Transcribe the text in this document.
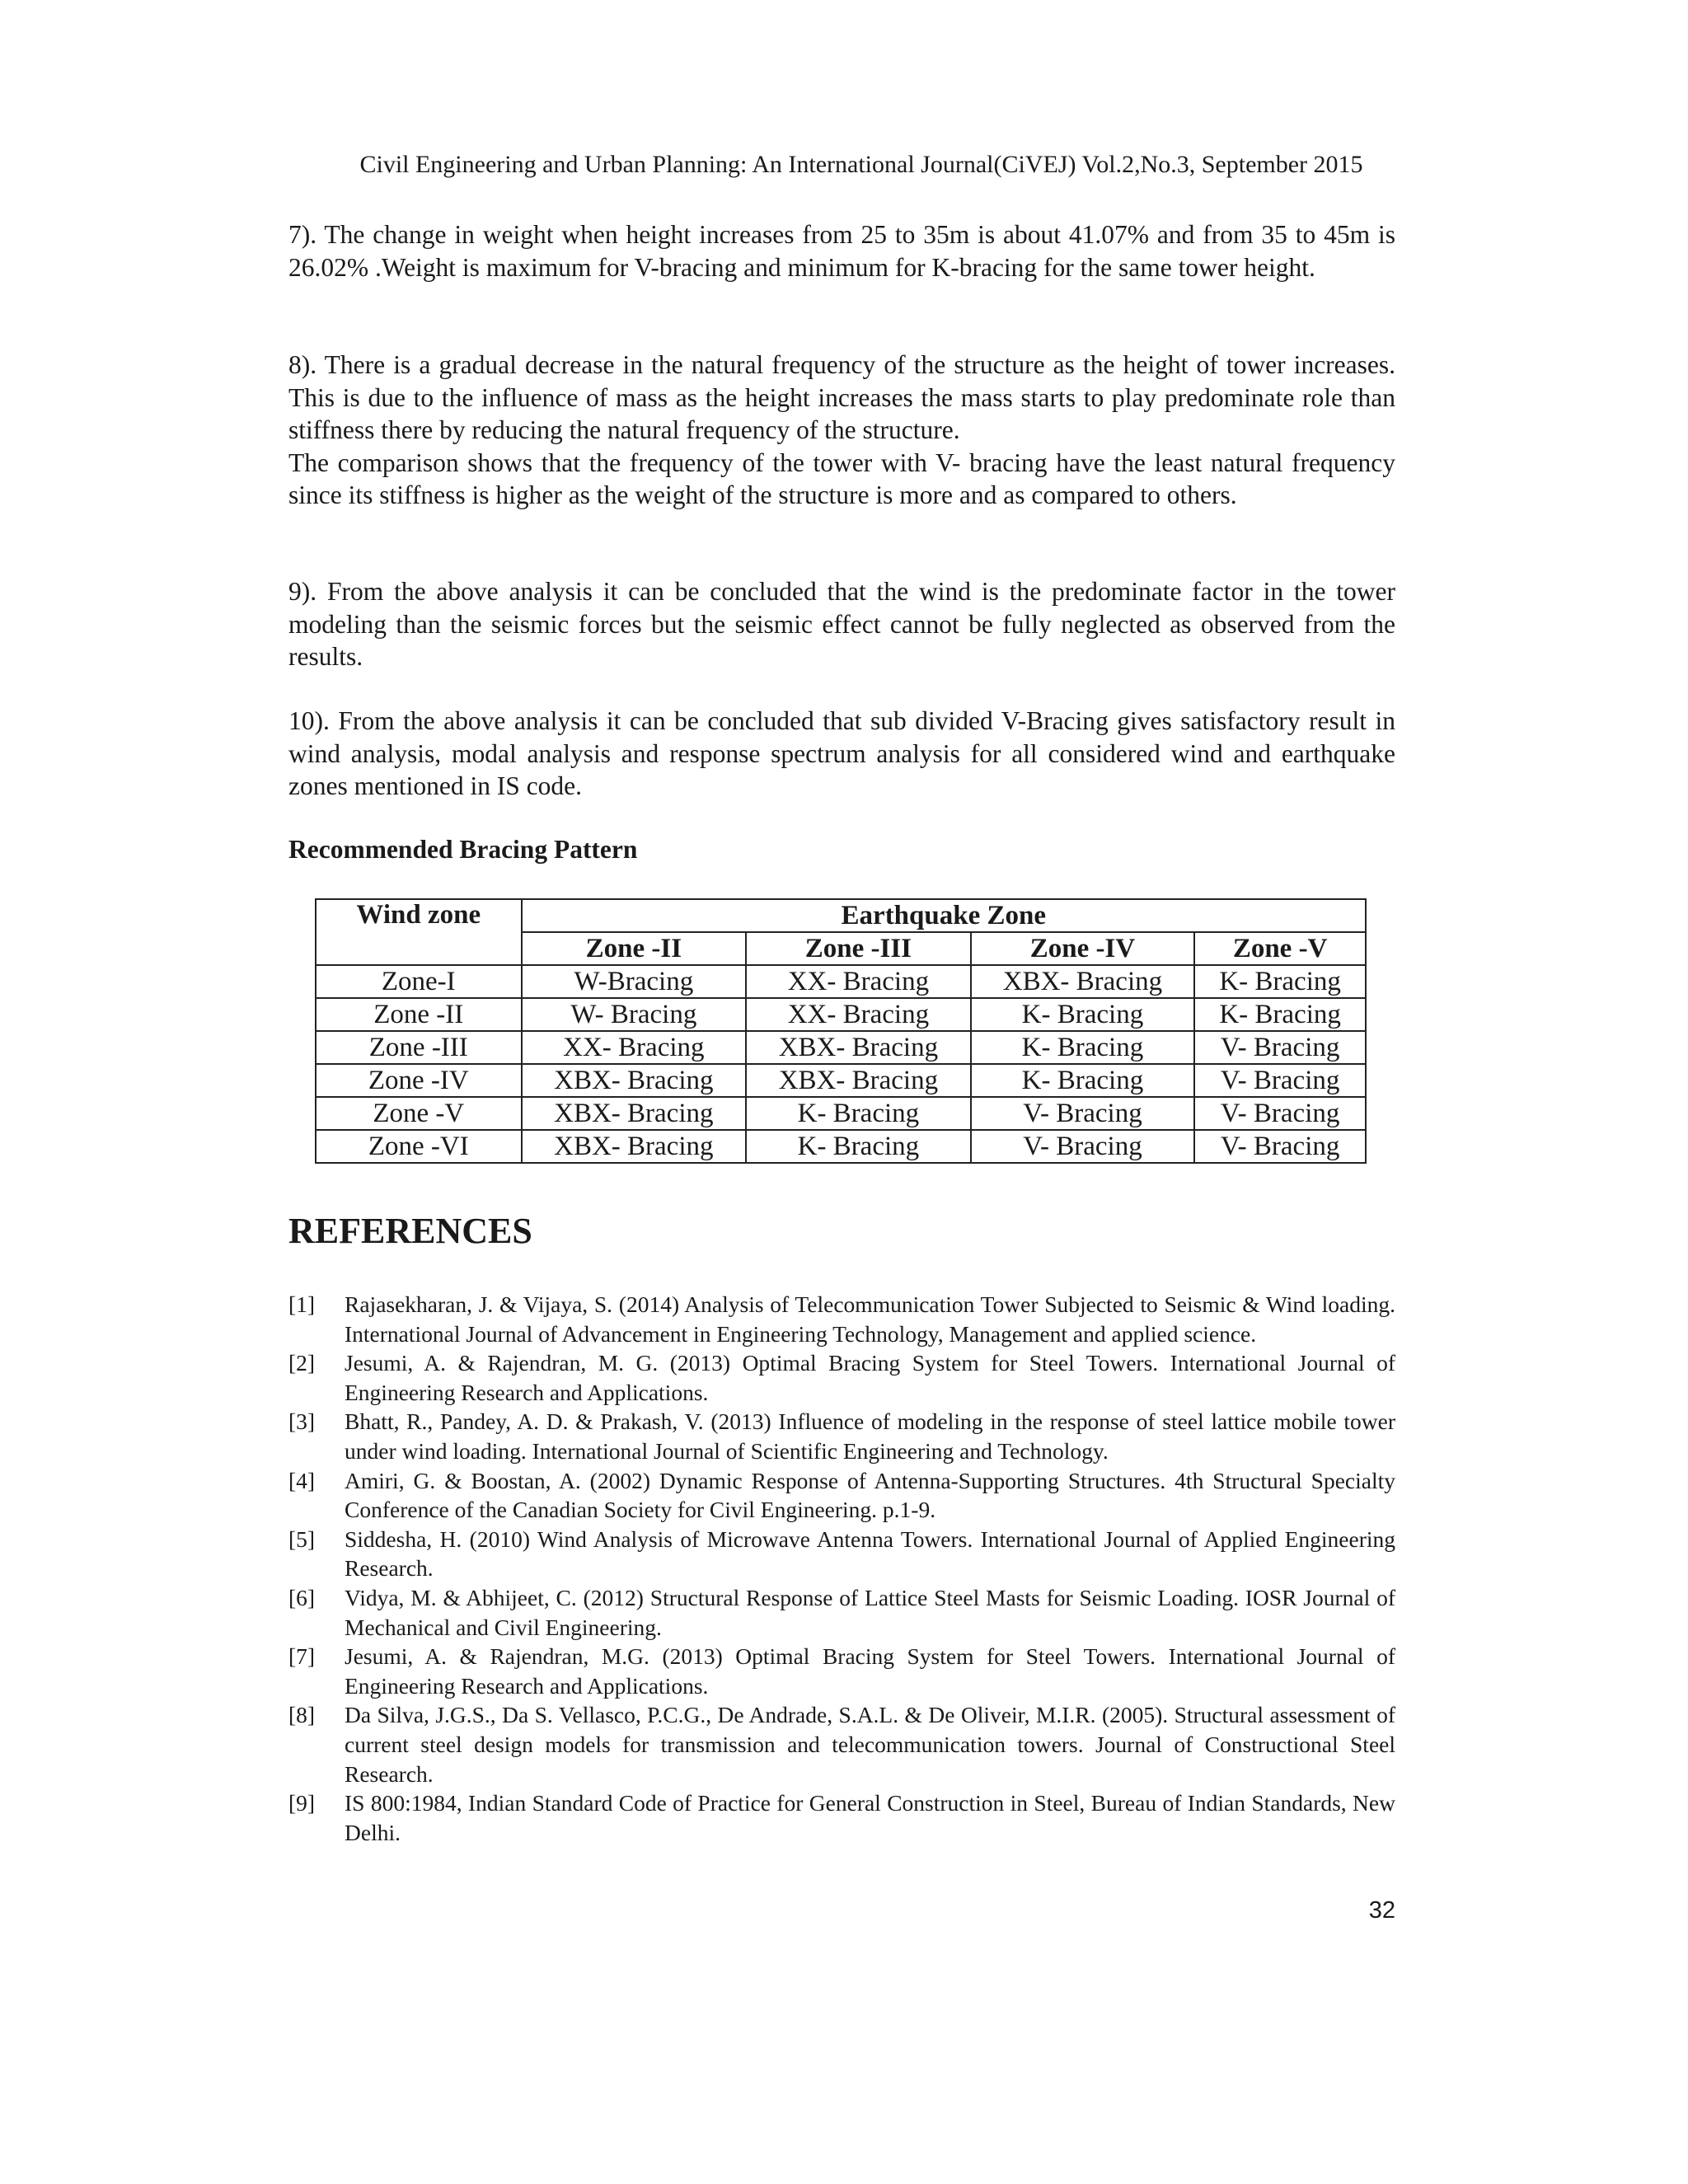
Civil Engineering and Urban Planning: An International Journal(CiVEJ) Vol.2,No.3, September 2015

7). The change in weight when height increases from 25 to 35m is about 41.07% and from 35 to 45m is 26.02% .Weight is maximum for V-bracing and minimum for K-bracing for the same tower height.

8). There is a gradual decrease in the natural frequency of the structure as the height of tower increases. This is due to the influence of mass as the height increases the mass starts to play predominate role than stiffness there by reducing the natural frequency of the structure.

The comparison shows that the frequency of the tower with V- bracing have the least natural frequency since its stiffness is higher as the weight of the structure is more and as compared to others.

9). From the above analysis it can be concluded that the wind is the predominate factor in the tower modeling than the seismic forces but the seismic effect cannot be fully neglected as observed from the results.

10). From the above analysis it can be concluded that sub divided V-Bracing gives satisfactory result in wind analysis, modal analysis and response spectrum analysis for all considered wind and earthquake zones mentioned in IS code.

Recommended Bracing Pattern
Wind zone	Earthquake Zone			
	Zone -II	Zone -III	Zone -IV	Zone -V
Zone-I	W-Bracing	XX- Bracing	XBX- Bracing	K- Bracing
Zone -II	W- Bracing	XX- Bracing	K- Bracing	K- Bracing
Zone -III	XX- Bracing	XBX- Bracing	K- Bracing	V- Bracing
Zone -IV	XBX- Bracing	XBX- Bracing	K- Bracing	V- Bracing
Zone -V	XBX- Bracing	K- Bracing	V- Bracing	V- Bracing
Zone -VI	XBX- Bracing	K- Bracing	V- Bracing	V- Bracing
REFERENCES
[1] Rajasekharan, J. & Vijaya, S. (2014) Analysis of Telecommunication Tower Subjected to Seismic & Wind loading. International Journal of Advancement in Engineering Technology, Management and applied science.
[2] Jesumi, A. & Rajendran, M. G. (2013) Optimal Bracing System for Steel Towers. International Journal of Engineering Research and Applications.
[3] Bhatt, R., Pandey, A. D. & Prakash, V. (2013) Influence of modeling in the response of steel lattice mobile tower under wind loading. International Journal of Scientific Engineering and Technology.
[4] Amiri, G. & Boostan, A. (2002) Dynamic Response of Antenna-Supporting Structures. 4th Structural Specialty Conference of the Canadian Society for Civil Engineering. p.1-9.
[5] Siddesha, H. (2010) Wind Analysis of Microwave Antenna Towers. International Journal of Applied Engineering Research.
[6] Vidya, M. & Abhijeet, C. (2012) Structural Response of Lattice Steel Masts for Seismic Loading. IOSR Journal of Mechanical and Civil Engineering.
[7] Jesumi, A. & Rajendran, M.G. (2013) Optimal Bracing System for Steel Towers. International Journal of Engineering Research and Applications.
[8] Da Silva, J.G.S., Da S. Vellasco, P.C.G., De Andrade, S.A.L. & De Oliveir, M.I.R. (2005). Structural assessment of current steel design models for transmission and telecommunication towers. Journal of Constructional Steel Research.
[9] IS 800:1984, Indian Standard Code of Practice for General Construction in Steel, Bureau of Indian Standards, New Delhi.
32
